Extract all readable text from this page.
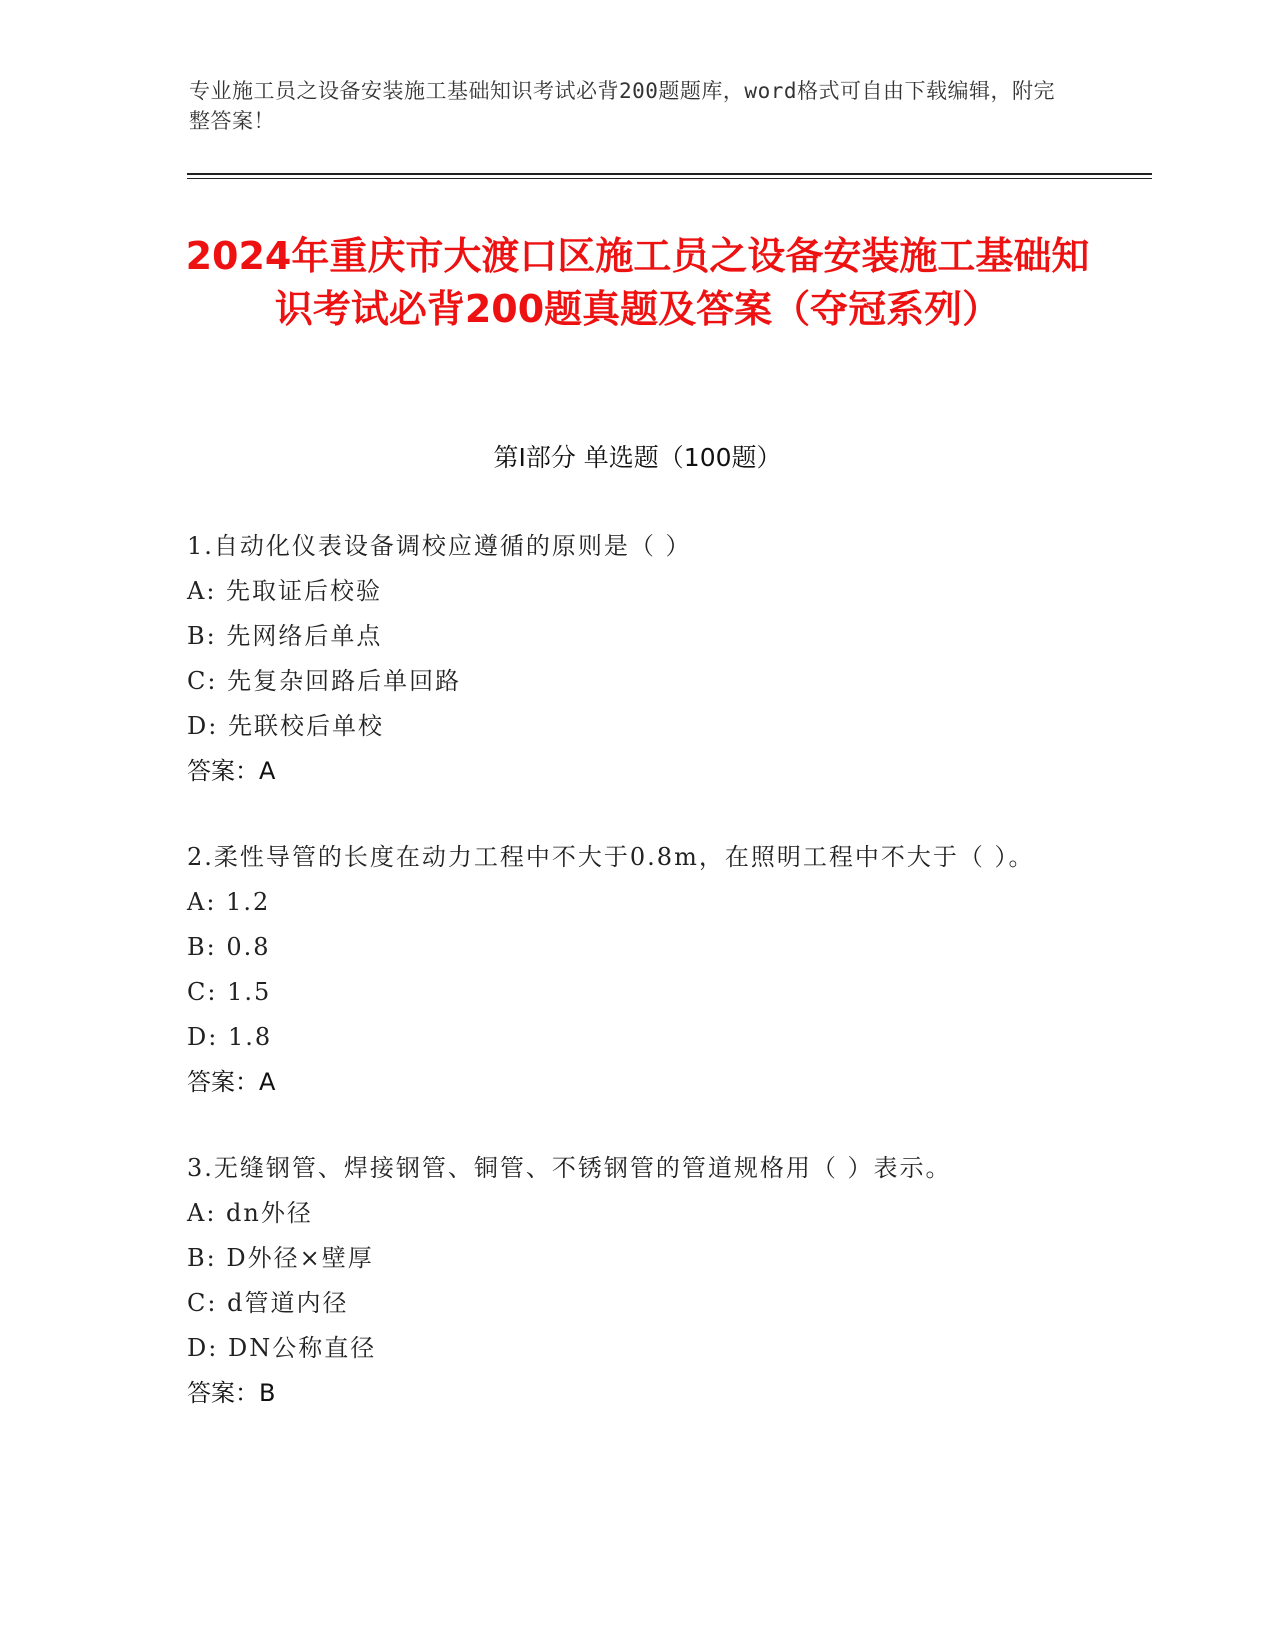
专业施工员之设备安装施工基础知识考试必背200题题库，word格式可自由下载编辑，附完整答案！
2024年重庆市大渡口区施工员之设备安装施工基础知识考试必背200题真题及答案（夺冠系列）
第I部分 单选题（100题）
1.自动化仪表设备调校应遵循的原则是（ ）
A: 先取证后校验
B: 先网络后单点
C: 先复杂回路后单回路
D: 先联校后单校
答案：A
2.柔性导管的长度在动力工程中不大于0.8m，在照明工程中不大于（ ）。
A: 1.2
B: 0.8
C: 1.5
D: 1.8
答案：A
3.无缝钢管、焊接钢管、铜管、不锈钢管的管道规格用（ ）表示。
A: dn外径
B: D外径×壁厚
C: d管道内径
D: DN公称直径
答案：B
